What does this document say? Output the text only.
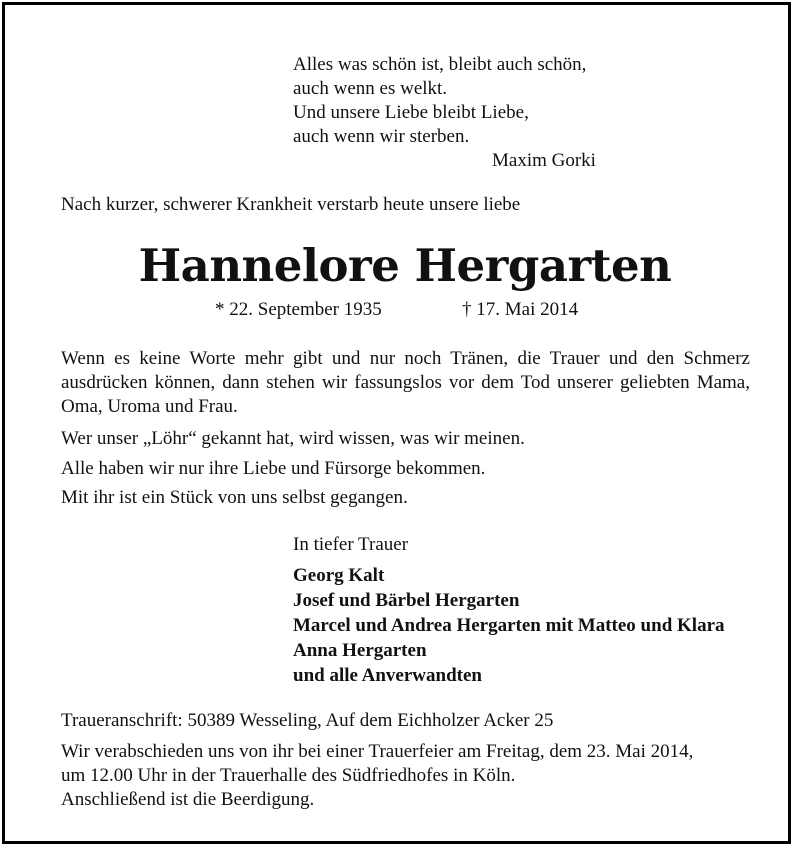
Alles was schön ist, bleibt auch schön,
auch wenn es welkt.
Und unsere Liebe bleibt Liebe,
auch wenn wir sterben.
Maxim Gorki
Nach kurzer, schwerer Krankheit verstarb heute unsere liebe
Hannelore Hergarten
* 22. September 1935	† 17. Mai 2014
Wenn es keine Worte mehr gibt und nur noch Tränen, die Trauer und den Schmerz ausdrücken können, dann stehen wir fassungslos vor dem Tod unserer geliebten Mama, Oma, Uroma und Frau.
Wer unser „Löhr“ gekannt hat, wird wissen, was wir meinen.
Alle haben wir nur ihre Liebe und Fürsorge bekommen.
Mit ihr ist ein Stück von uns selbst gegangen.
In tiefer Trauer
Georg Kalt
Josef und Bärbel Hergarten
Marcel und Andrea Hergarten mit Matteo und Klara
Anna Hergarten
und alle Anverwandten
Traueranschrift: 50389 Wesseling, Auf dem Eichholzer Acker 25
Wir verabschieden uns von ihr bei einer Trauerfeier am Freitag, dem 23. Mai 2014,
um 12.00 Uhr in der Trauerhalle des Südfriedhofes in Köln.
Anschließend ist die Beerdigung.
